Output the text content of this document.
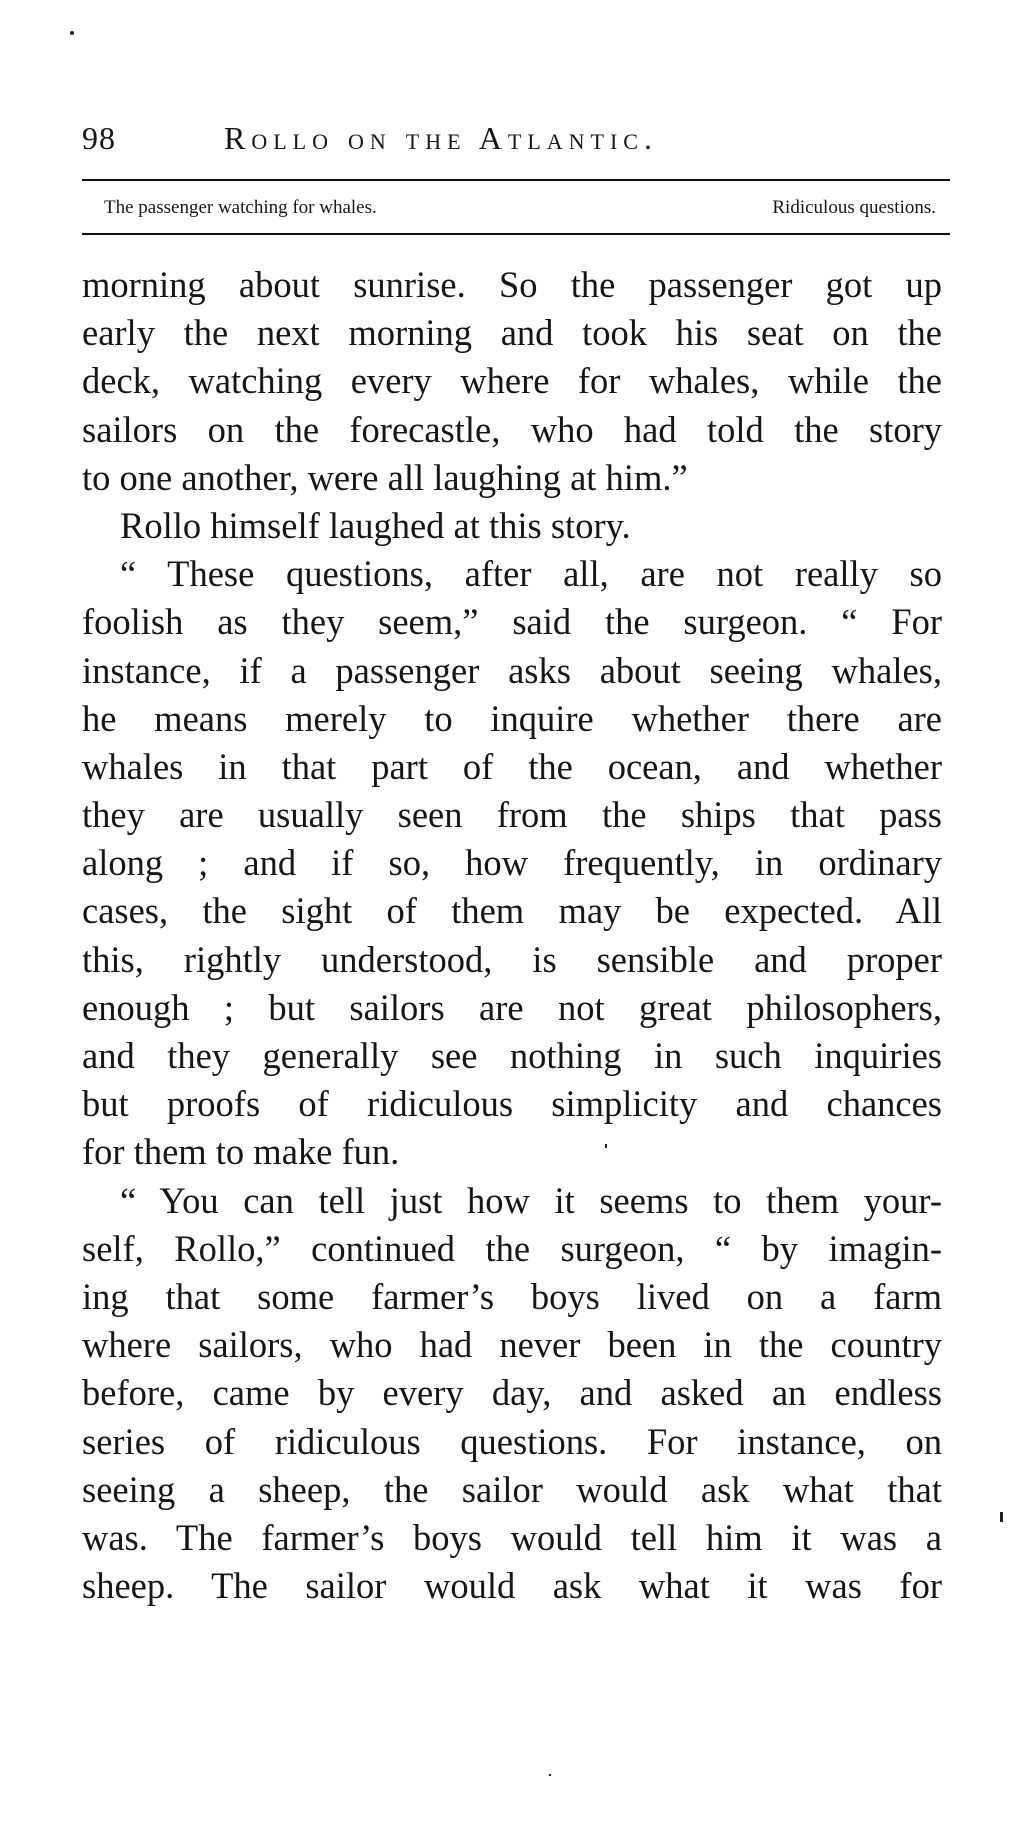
98	Rollo on the Atlantic.
The passenger watching for whales.	Ridiculous questions.
morning about sunrise. So the passenger got up
early the next morning and took his seat on the
deck, watching every where for whales, while the
sailors on the forecastle, who had told the story
to one another, were all laughing at him.”
Rollo himself laughed at this story.
“ These questions, after all, are not really so
foolish as they seem,” said the surgeon. “ For
instance, if a passenger asks about seeing whales,
he means merely to inquire whether there are
whales in that part of the ocean, and whether
they are usually seen from the ships that pass
along ; and if so, how frequently, in ordinary
cases, the sight of them may be expected. All
this, rightly understood, is sensible and proper
enough ; but sailors are not great philosophers,
and they generally see nothing in such inquiries
but proofs of ridiculous simplicity and chances
for them to make fun.
“ You can tell just how it seems to them your-
self, Rollo,” continued the surgeon, “ by imagin-
ing that some farmer’s boys lived on a farm
where sailors, who had never been in the country
before, came by every day, and asked an endless
series of ridiculous questions. For instance, on
seeing a sheep, the sailor would ask what that
was. The farmer’s boys would tell him it was a
sheep. The sailor would ask what it was for
